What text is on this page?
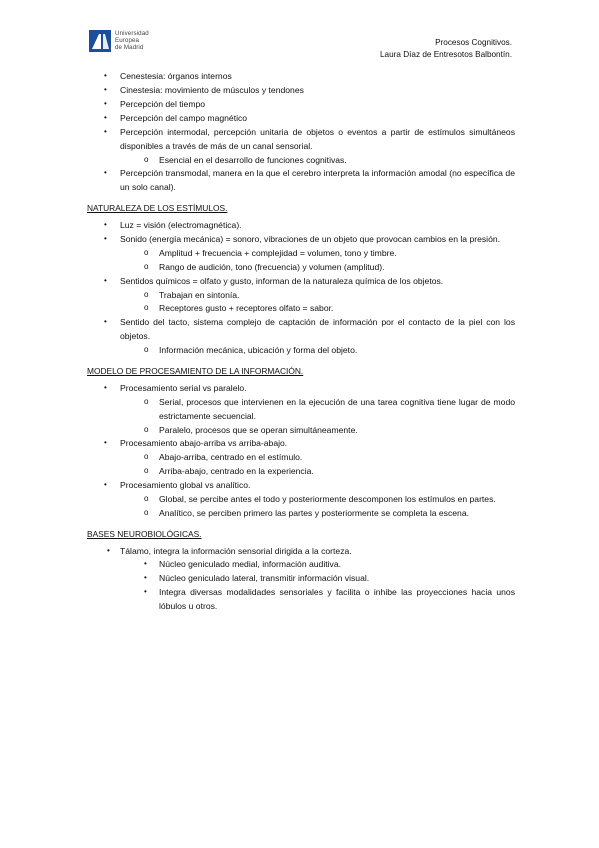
Universidad
Europea
de Madrid
Procesos Cognitivos.
Laura Díaz de Entresotos Balbontín.
• Cenestesia: órganos internos
• Cinestesia: movimiento de músculos y tendones
• Percepción del tiempo
• Percepción del campo magnético
• Percepción intermodal, percepción unitaria de objetos o eventos a partir de estímulos simultáneos disponibles a través de más de un canal sensorial.
o Esencial en el desarrollo de funciones cognitivas.
• Percepción transmodal, manera en la que el cerebro interpreta la información amodal (no específica de un solo canal).
NATURALEZA DE LOS ESTÍMULOS.
• Luz = visión (electromagnética).
• Sonido (energía mecánica) = sonoro, vibraciones de un objeto que provocan cambios en la presión.
o Amplitud + frecuencia + complejidad = volumen, tono y timbre.
o Rango de audición, tono (frecuencia) y volumen (amplitud).
• Sentidos químicos = olfato y gusto, informan de la naturaleza química de los objetos.
o Trabajan en sintonía.
o Receptores gusto + receptores olfato = sabor.
• Sentido del tacto, sistema complejo de captación de información por el contacto de la piel con los objetos.
o Información mecánica, ubicación y forma del objeto.
MODELO DE PROCESAMIENTO DE LA INFORMACIÓN.
• Procesamiento serial vs paralelo.
o Serial, procesos que intervienen en la ejecución de una tarea cognitiva tiene lugar de modo estrictamente secuencial.
o Paralelo, procesos que se operan simultáneamente.
• Procesamiento abajo-arriba vs arriba-abajo.
o Abajo-arriba, centrado en el estímulo.
o Arriba-abajo, centrado en la experiencia.
• Procesamiento global vs analítico.
o Global, se percibe antes el todo y posteriormente descomponen los estímulos en partes.
o Analítico, se perciben primero las partes y posteriormente se completa la escena.
BASES NEUROBIOLÓGICAS.
• Tálamo, integra la información sensorial dirigida a la corteza.
• Núcleo geniculado medial, información auditiva.
• Núcleo geniculado lateral, transmitir información visual.
• Integra diversas modalidades sensoriales y facilita o inhibe las proyecciones hacia unos lóbulos u otros.
